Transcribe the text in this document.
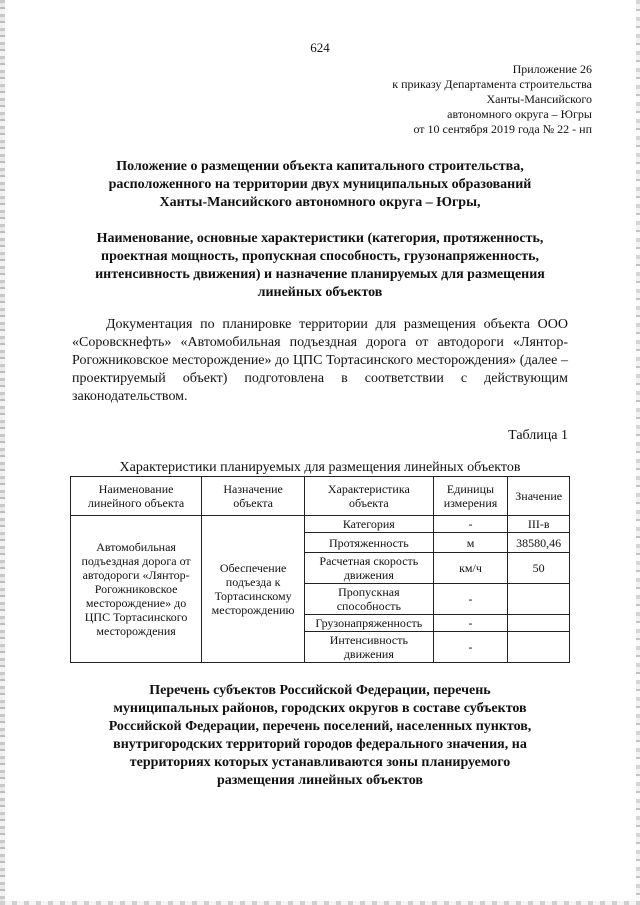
624
Приложение 26
к приказу Департамента строительства
Ханты-Мансийского
автономного округа – Югры
от 10 сентября 2019 года № 22 - нп
Положение о размещении объекта капитального строительства,
расположенного на территории двух муниципальных образований
Ханты-Мансийского автономного округа – Югры,
Наименование, основные характеристики (категория, протяженность,
проектная мощность, пропускная способность, грузонапряженность,
интенсивность движения) и назначение планируемых для размещения
линейных объектов
Документация по планировке территории для размещения объекта ООО «Соровскнефть» «Автомобильная подъездная дорога от автодороги «Лянтор-Рогожниковское месторождение» до ЦПС Тортасинского месторождения» (далее – проектируемый объект) подготовлена в соответствии с действующим законодательством.
Таблица 1
Характеристики планируемых для размещения линейных объектов
Наименование линейного объекта	Назначение объекта	Характеристика объекта	Единицы измерения	Значение
Автомобильная подъездная дорога от автодороги «Лянтор-Рогожниковское месторождение» до ЦПС Тортасинского месторождения	Обеспечение подъезда к Тортасинскому месторождению	Категория	-	III-в
		Протяженность	м	38580,46
		Расчетная скорость движения	км/ч	50
		Пропускная способность	-	
		Грузонапряженность	-	
		Интенсивность движения	-	
Перечень субъектов Российской Федерации, перечень
муниципальных районов, городских округов в составе субъектов
Российской Федерации, перечень поселений, населенных пунктов,
внутригородских территорий городов федерального значения, на
территориях которых устанавливаются зоны планируемого
размещения линейных объектов
